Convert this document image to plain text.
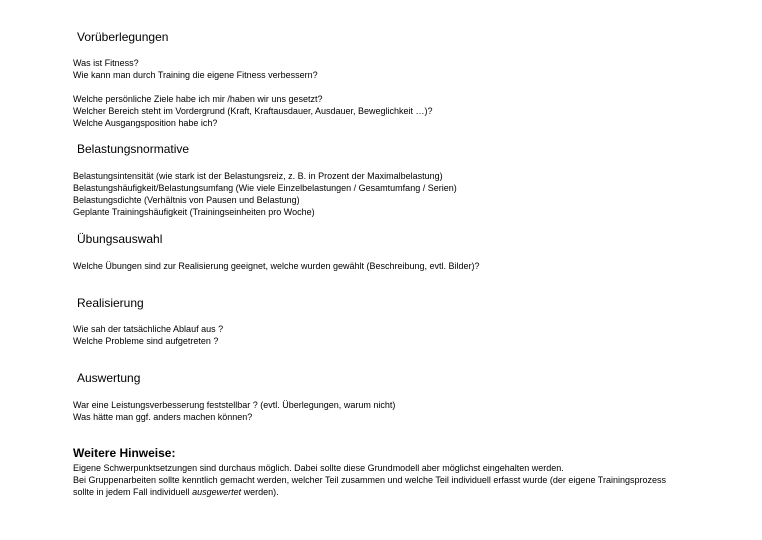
Vorüberlegungen
Was ist Fitness?
Wie kann man durch Training die eigene Fitness verbessern?
Welche persönliche Ziele habe ich mir /haben wir uns gesetzt?
Welcher Bereich steht im Vordergrund (Kraft, Kraftausdauer, Ausdauer, Beweglichkeit …)?
Welche Ausgangsposition habe ich?
Belastungsnormative
Belastungsintensität (wie stark ist der Belastungsreiz, z. B. in Prozent der Maximalbelastung)
Belastungshäufigkeit/Belastungsumfang (Wie viele Einzelbelastungen / Gesamtumfang / Serien)
Belastungsdichte (Verhältnis von Pausen und Belastung)
Geplante Trainingshäufigkeit (Trainingseinheiten pro Woche)
Übungsauswahl
Welche Übungen sind zur Realisierung geeignet, welche wurden gewählt (Beschreibung, evtl. Bilder)?
Realisierung
Wie sah der tatsächliche Ablauf aus ?
Welche Probleme sind aufgetreten ?
Auswertung
War eine Leistungsverbesserung feststellbar ? (evtl. Überlegungen, warum nicht)
Was hätte man ggf. anders machen können?
Weitere Hinweise:
Eigene Schwerpunktsetzungen sind durchaus möglich. Dabei sollte diese Grundmodell aber möglichst eingehalten werden.
Bei Gruppenarbeiten sollte kenntlich gemacht werden, welcher Teil zusammen und welche Teil individuell erfasst wurde (der eigene Trainingsprozess
sollte in jedem Fall individuell ausgewertet werden).
